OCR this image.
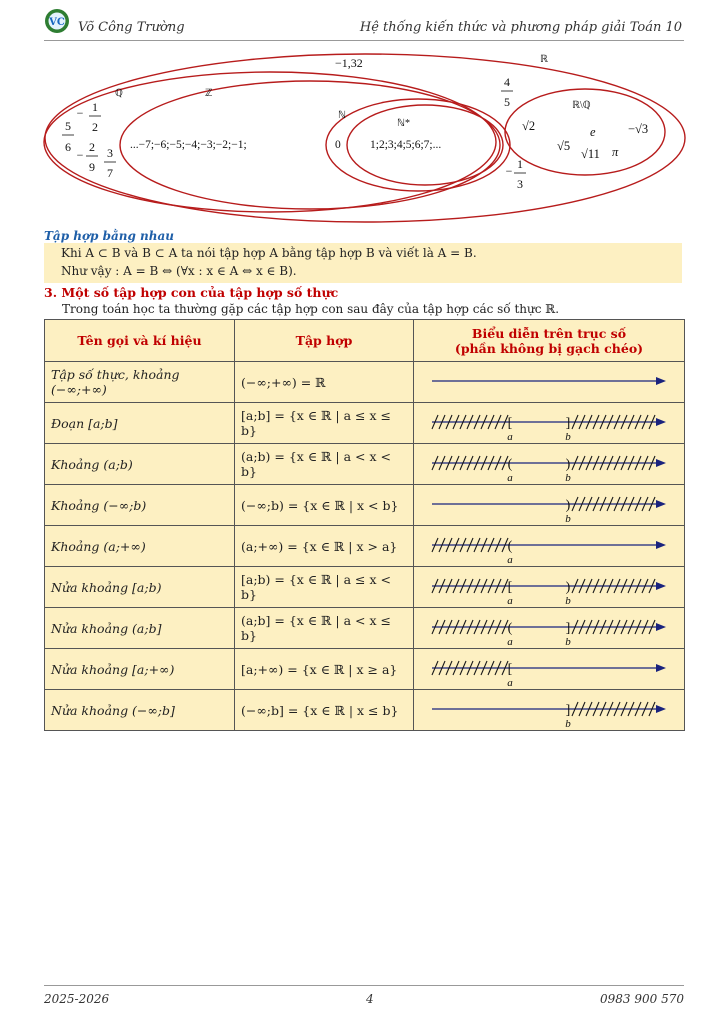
VC Võ Công Trường	Hệ thống kiến thức và phương pháp giải Toán 10
ℝ
ℚ	ℤ
ℕ
ℕ*
ℝ\ℚ
−1,32
5
6
− 1
2
−
2
9
3
7
...−7;−6;−5;−4;−3;−2;−1;	0	1;2;3;4;5;6;7;...
4
5
− 1
3
√2	e	−√3
√5
√11 π
Tập hợp bằng nhau
Khi A ⊂ B và B ⊂ A ta nói tập hợp A bằng tập hợp B và viết là A = B.
Như vậy : A = B ⇔ (∀x : x ∈ A ⇔ x ∈ B).
3. Một số tập hợp con của tập hợp số thực
Trong toán học ta thường gặp các tập hợp con sau đây của tập hợp các số thực ℝ.
Tên gọi và kí hiệu	Tập hợp	Biểu diễn trên trục số
(phần không bị gạch chéo)
Tập số thực, khoảng (−∞;+∞)	(−∞;+∞) = ℝ	

Đoạn [a;b]	[a;b] = {x ∈ ℝ | a ≤ x ≤ b}	[ ]
a b

Khoảng (a;b)	(a;b) = {x ∈ ℝ | a < x < b}	( )
a b

Khoảng (−∞;b)	(−∞;b) = {x ∈ ℝ | x < b}	)
b

Khoảng (a;+∞)	(a;+∞) = {x ∈ ℝ | x > a}	(
a

Nửa khoảng [a;b)	[a;b) = {x ∈ ℝ | a ≤ x < b}	[ )
a b

Nửa khoảng (a;b]	(a;b] = {x ∈ ℝ | a < x ≤ b}	( ]
a b

Nửa khoảng [a;+∞)	[a;+∞) = {x ∈ ℝ | x ≥ a}	[
a

Nửa khoảng (−∞;b]	(−∞;b] = {x ∈ ℝ | x ≤ b}	]
b
2025-2026	4	0983 900 570
